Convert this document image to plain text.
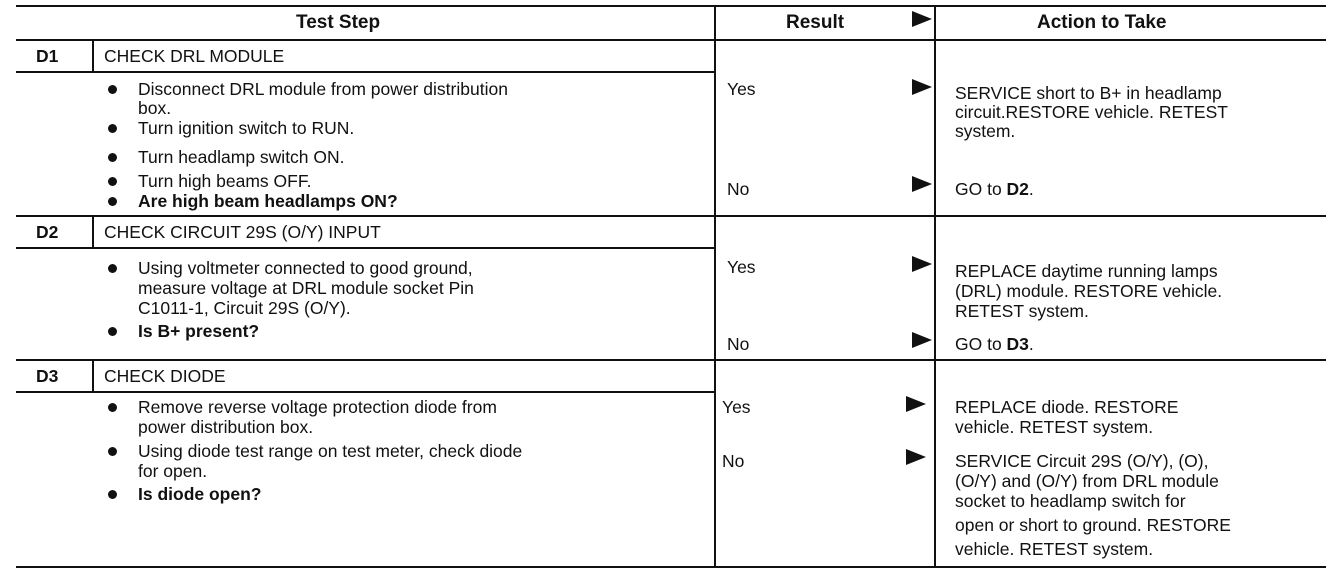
Test Step	Result	Action to Take
D1	CHECK DRL MODULE
Disconnect DRL module from power distribution
box.
Turn ignition switch to RUN.
Turn headlamp switch ON.
Turn high beams OFF.
Are high beam headlamps ON?
Yes	SERVICE short to B+ in headlamp
circuit.RESTORE vehicle. RETEST
system.
No	GO to D2.
D2	CHECK CIRCUIT 29S (O/Y) INPUT
Using voltmeter connected to good ground,
measure voltage at DRL module socket Pin
C1011-1, Circuit 29S (O/Y).
Is B+ present?
Yes	REPLACE daytime running lamps
(DRL) module. RESTORE vehicle.
RETEST system.
No	GO to D3.
D3	CHECK DIODE
Remove reverse voltage protection diode from
power distribution box.
Using diode test range on test meter, check diode
for open.
Is diode open?
Yes	REPLACE diode. RESTORE
vehicle. RETEST system.
No	SERVICE Circuit 29S (O/Y), (O),
(O/Y) and (O/Y) from DRL module
socket to headlamp switch for
open or short to ground. RESTORE
vehicle. RETEST system.
